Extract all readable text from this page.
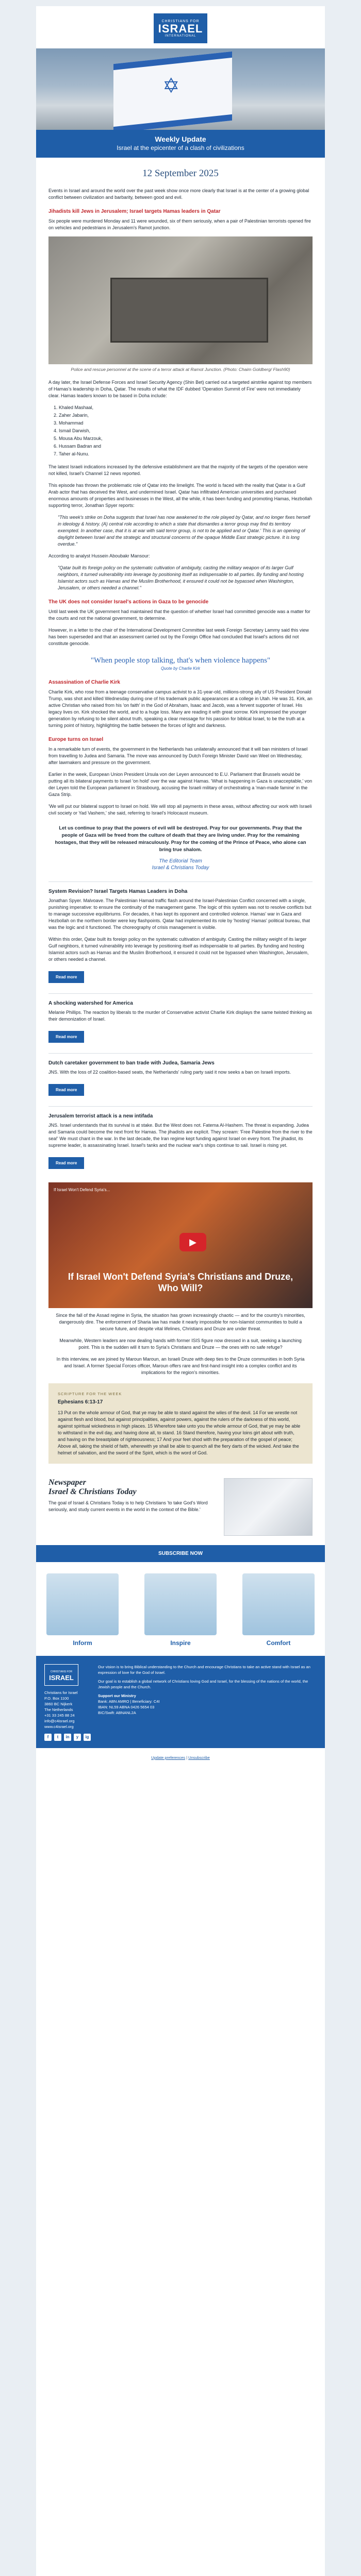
CHRISTIANS FOR
ISRAEL
INTERNATIONAL
✡
Weekly Update
Israel at the epicenter of a clash of civilizations
12 September 2025

Events in Israel and around the world over the past week show once more clearly that Israel is at the center of a growing global conflict between civilization and barbarity, between good and evil.

Jihadists kill Jews in Jerusalem; Israel targets Hamas leaders in Qatar

Six people were murdered Monday and 11 were wounded, six of them seriously, when a pair of Palestinian terrorists opened fire on vehicles and pedestrians in Jerusalem's Ramot junction.

Police and rescue personnel at the scene of a terror attack at Ramot Junction. (Photo: Chaim Goldberg/ Flash90)

A day later, the Israel Defense Forces and Israel Security Agency (Shin Bet) carried out a targeted airstrike against top members of Hamas's leadership in Doha, Qatar. The results of what the IDF dubbed 'Operation Summit of Fire' were not immediately clear. Hamas leaders known to be based in Doha include:

1. Khaled Mashaal,
2. Zaher Jabarin,
3. Mohammad
4. Ismail Darwish,
5. Mousa Abu Marzouk,
6. Hussam Badran and
7. Taher al-Nunu.

The latest Israeli indications increased by the defensive establishment are that the majority of the targets of the operation were not killed, Israel's Channel 12 news reported.

This episode has thrown the problematic role of Qatar into the limelight. The world is faced with the reality that Qatar is a Gulf Arab actor that has deceived the West, and undermined Israel. Qatar has infiltrated American universities and purchased enormous amounts of properties and businesses in the West, all the while, it has been funding and promoting Hamas, Hezbollah supporting terror, Jonathan Spyer reports:

"This week's strike on Doha suggests that Israel has now awakened to the role played by Qatar, and no longer fixes herself in ideology & history. (A) central role according to which a state that dismantles a terror group may find its territory exempted. In another case, that it is at war with said terror group, is not to be applied and or Qatar.' This is an opening of daylight between Israel and the strategic and structural concerns of the opaque Middle East strategic picture. It is long overdue."

According to analyst Hussein Aboubakr Mansour:

"Qatar built its foreign policy on the systematic cultivation of ambiguity, casting the military weapon of its larger Gulf neighbors, it turned vulnerability into leverage by positioning itself as indispensable to all parties. By funding and hosting Islamist actors such as Hamas and the Muslim Brotherhood, it ensured it could not be bypassed when Washington, Jerusalem, or others needed a channel."

The UK does not consider Israel's actions in Gaza to be genocide

Until last week the UK government had maintained that the question of whether Israel had committed genocide was a matter for the courts and not the national government, to determine.

However, in a letter to the chair of the International Development Committee last week Foreign Secretary Lammy said this view has been superseded and that an assessment carried out by the Foreign Office had concluded that Israel's actions did not constitute genocide.

"When people stop talking, that's when violence happens"
Quote by Charlie Kirk
Assassination of Charlie Kirk

Charlie Kirk, who rose from a teenage conservative campus activist to a 31-year-old, millions-strong ally of US President Donald Trump, was shot and killed Wednesday during one of his trademark public appearances at a college in Utah. He was 31. Kirk, an active Christian who raised from his 'on faith' in the God of Abraham, Isaac and Jacob, was a fervent supporter of Israel. His legacy lives on. Kirk shocked the world, and to a huge loss. Many are reading it with great sorrow. Kirk impressed the younger generation by refusing to be silent about truth, speaking a clear message for his passion for biblical Israel, to be the truth at a turning point of history, highlighting the battle between the forces of light and darkness.

Europe turns on Israel

In a remarkable turn of events, the government in the Netherlands has unilaterally announced that it will ban ministers of Israel from travelling to Judea and Samaria. The move was announced by Dutch Foreign Minister David van Weel on Wednesday, after lawmakers and pressure on the government.

Earlier in the week, European Union President Ursula von der Leyen announced to E.U. Parliament that Brussels would be putting all its bilateral payments to Israel 'on hold' over the war against Hamas. 'What is happening in Gaza is unacceptable,' von der Leyen told the European parliament in Strasbourg, accusing the Israeli military of orchestrating a 'man-made famine' in the Gaza Strip.

'We will put our bilateral support to Israel on hold. We will stop all payments in these areas, without affecting our work with Israeli civil society or Yad Vashem,' she said, referring to Israel's Holocaust museum.

Let us continue to pray that the powers of evil will be destroyed. Pray for our governments. Pray that the people of Gaza will be freed from the culture of death that they are living under. Pray for the remaining hostages, that they will be released miraculously. Pray for the coming of the Prince of Peace, who alone can bring true shalom.
The Editorial Team
Israel & Christians Today
System Revision? Israel Targets Hamas Leaders in Doha

Jonathan Spyer. Malvoave. The Palestinian Hamad traffic flash around the Israel-Palestinian Conflict concerned with a single, punishing imperative: to ensure the continuity of the management game. The logic of this system was not to resolve conflicts but to manage successive equilibriums. For decades, it has kept its opponent and controlled violence. Hamas' war in Gaza and Hezbollah on the northern border were key flashpoints. Qatar had implemented its role by 'hosting' Hamas' political bureau, that was the logic and it functioned. The choreography of crisis management is visible.

Within this order, Qatar built its foreign policy on the systematic cultivation of ambiguity. Casting the military weight of its larger Gulf neighbors, it turned vulnerability into leverage by positioning itself as indispensable to all parties. By funding and hosting Islamist actors such as Hamas and the Muslim Brotherhood, it ensured it could not be bypassed when Washington, Jerusalem, or others needed a channel.

Read more
A shocking watershed for America

Melanie Phillips. The reaction by liberals to the murder of Conservative activist Charlie Kirk displays the same twisted thinking as their demonization of Israel.

Read more
Dutch caretaker government to ban trade with Judea, Samaria Jews

JNS. With the loss of 22 coalition-based seats, the Netherlands' ruling party said it now seeks a ban on Israeli imports.

Read more
Jerusalem terrorist attack is a new intifada

JNS. Israel understands that its survival is at stake. But the West does not. Fatema Al-Hashem. The threat is expanding. Judea and Samaria could become the next front for Hamas. The jihadists are explicit. They scream: 'Free Palestine from the river to the sea!' We must chant in the war. In the last decade, the Iran regime kept funding against Israel on every front. The jihadist, its supreme leader, is assassinating Israel. Israel's tanks and the nuclear war's ships continue to sail. Israel is rising yet.

Read more
If Israel Won't Defend Syria's...
▶
If Israel Won't Defend Syria's Christians and Druze, Who Will?

Since the fall of the Assad regime in Syria, the situation has grown increasingly chaotic — and for the country's minorities, dangerously dire. The enforcement of Sharia law has made it nearly impossible for non-Islamist communities to build a secure future, and despite vital lifelines, Christians and Druze are under threat.

Meanwhile, Western leaders are now dealing hands with former ISIS figure now dressed in a suit, seeking a launching point. This is the sudden will it turn to Syria's Christians and Druze — the ones with no safe refuge?

In this interview, we are joined by Maroun Maroun, an Israeli Druze with deep ties to the Druze communities in both Syria and Israel. A former Special Forces officer, Maroun offers rare and first-hand insight into a complex conflict and its implications for the region's minorities.

SCRIPTURE FOR THE WEEK
Ephesians 6:13-17
13 Put on the whole armour of God, that ye may be able to stand against the wiles of the devil. 14 For we wrestle not against flesh and blood, but against principalities, against powers, against the rulers of the darkness of this world, against spiritual wickedness in high places. 15 Wherefore take unto you the whole armour of God, that ye may be able to withstand in the evil day, and having done all, to stand. 16 Stand therefore, having your loins girt about with truth, and having on the breastplate of righteousness; 17 And your feet shod with the preparation of the gospel of peace; Above all, taking the shield of faith, wherewith ye shall be able to quench all the fiery darts of the wicked. And take the helmet of salvation, and the sword of the Spirit, which is the word of God.
Newspaper
Israel & Christians Today
The goal of Israel & Christians Today is to help Christians 'to take God's Word seriously, and study current events in the world in the context of the Bible.'
SUBSCRIBE NOW
Inform	Inspire	Comfort
CHRISTIANS FOR
ISRAEL
Christians for Israel
P.O. Box 1100
3860 BC Nijkerk
The Netherlands
+31 33 245 88 24
info@c4israel.org
www.c4israel.org
f	t	in	y	ig
Our vision is to bring Biblical understanding to the Church and encourage Christians to take an active stand with Israel as an expression of love for the God of Israel.
Our goal is to establish a global network of Christians loving God and Israel, for the blessing of the nations of the world, the Jewish people and the Church.
Support our Ministry
Bank: ABN AMRO | Beneficiary: C4I
IBAN: NL59 ABNA 0426 5654 03
BIC/Swift: ABNANL2A
Update preferences | Unsubscribe
